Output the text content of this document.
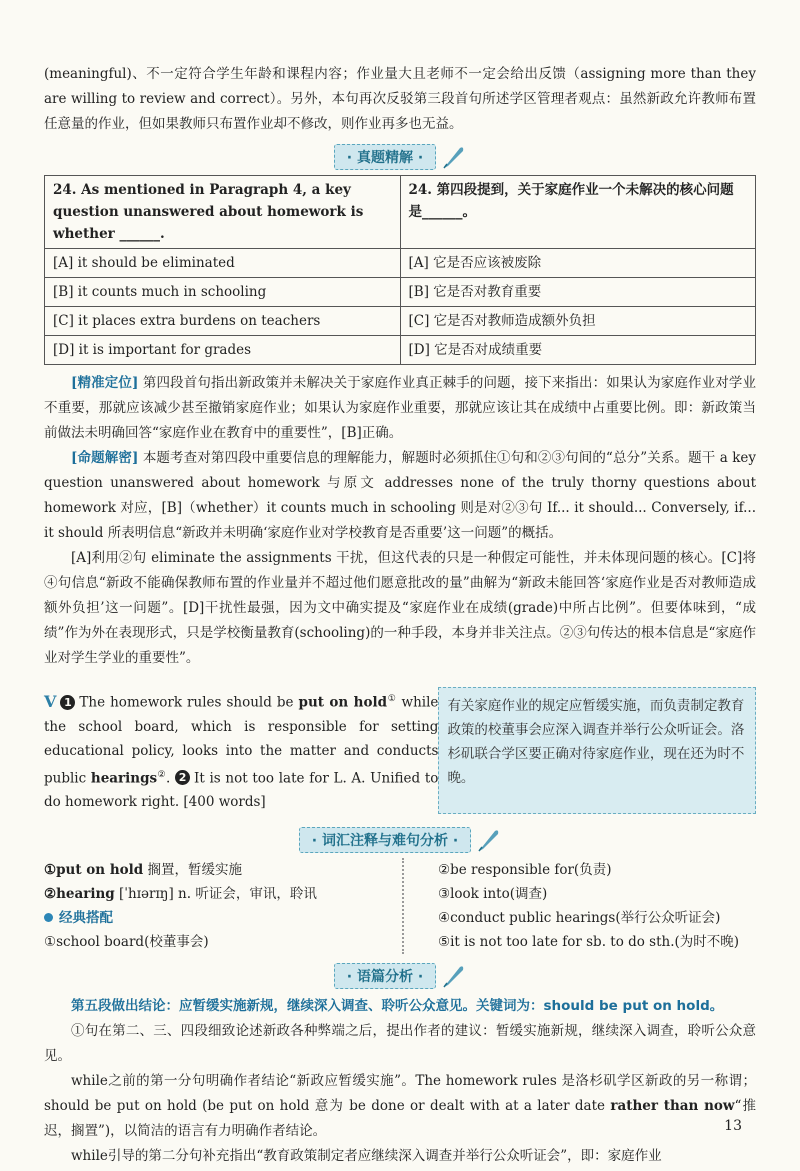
(meaningful)、不一定符合学生年龄和课程内容；作业量大且老师不一定会给出反馈（assigning more than they are willing to review and correct）。另外，本句再次反驳第三段首句所述学区管理者观点：虽然新政允许教师布置任意量的作业，但如果教师只布置作业却不修改，则作业再多也无益。

· 真题精解 ·
24. As mentioned in Paragraph 4, a key question unanswered about homework is whether ______.	24. 第四段提到，关于家庭作业一个未解决的核心问题是______。
[A] it should be eliminated	[A] 它是否应该被废除
[B] it counts much in schooling	[B] 它是否对教育重要
[C] it places extra burdens on teachers	[C] 它是否对教师造成额外负担
[D] it is important for grades	[D] 它是否对成绩重要

[精准定位] 第四段首句指出新政策并未解决关于家庭作业真正棘手的问题，接下来指出：如果认为家庭作业对学业不重要，那就应该减少甚至撤销家庭作业；如果认为家庭作业重要，那就应该让其在成绩中占重要比例。即：新政策当前做法未明确回答“家庭作业在教育中的重要性”，[B]正确。

[命题解密] 本题考查对第四段中重要信息的理解能力，解题时必须抓住①句和②③句间的“总分”关系。题干 a key question unanswered about homework 与原文 addresses none of the truly thorny questions about homework 对应，[B]（whether）it counts much in schooling 则是对②③句 If... it should... Conversely, if... it should 所表明信息“新政并未明确‘家庭作业对学校教育是否重要’这一问题”的概括。

[A]利用②句 eliminate the assignments 干扰，但这代表的只是一种假定可能性，并未体现问题的核心。[C]将④句信息“新政不能确保教师布置的作业量并不超过他们愿意批改的量”曲解为“新政未能回答‘家庭作业是否对教师造成额外负担’这一问题”。[D]干扰性最强，因为文中确实提及“家庭作业在成绩(grade)中所占比例”。但要体味到，“成绩”作为外在表现形式，只是学校衡量教育(schooling)的一种手段，本身并非关注点。②③句传达的根本信息是“家庭作业对学生学业的重要性”。

V 1 The homework rules should be put on hold① while the school board, which is responsible for setting educational policy, looks into the matter and conducts public hearings②. 2 It is not too late for L. A. Unified to do homework right. [400 words]

有关家庭作业的规定应暂缓实施，而负责制定教育政策的校董事会应深入调查并举行公众听证会。洛杉矶联合学区要正确对待家庭作业，现在还为时不晚。
· 词汇注释与难句分析 ·

①put on hold 搁置，暂缓实施

②hearing [ˈhɪərɪŋ] n. 听证会，审讯，聆讯

经典搭配

①school board(校董事会)

②be responsible for(负责)

③look into(调查)

④conduct public hearings(举行公众听证会)

⑤it is not too late for sb. to do sth.(为时不晚)

· 语篇分析 ·

第五段做出结论：应暂缓实施新规，继续深入调查、聆听公众意见。关键词为：should be put on hold。

①句在第二、三、四段细致论述新政各种弊端之后，提出作者的建议：暂缓实施新规，继续深入调查，聆听公众意见。

while之前的第一分句明确作者结论“新政应暂缓实施”。The homework rules 是洛杉矶学区新政的另一称谓；should be put on hold (be put on hold 意为 be done or dealt with at a later date rather than now“推迟，搁置”)，以简洁的语言有力明确作者结论。

while引导的第二分句补充指出“教育政策制定者应继续深入调查并举行公众听证会”，即：家庭作业

13
